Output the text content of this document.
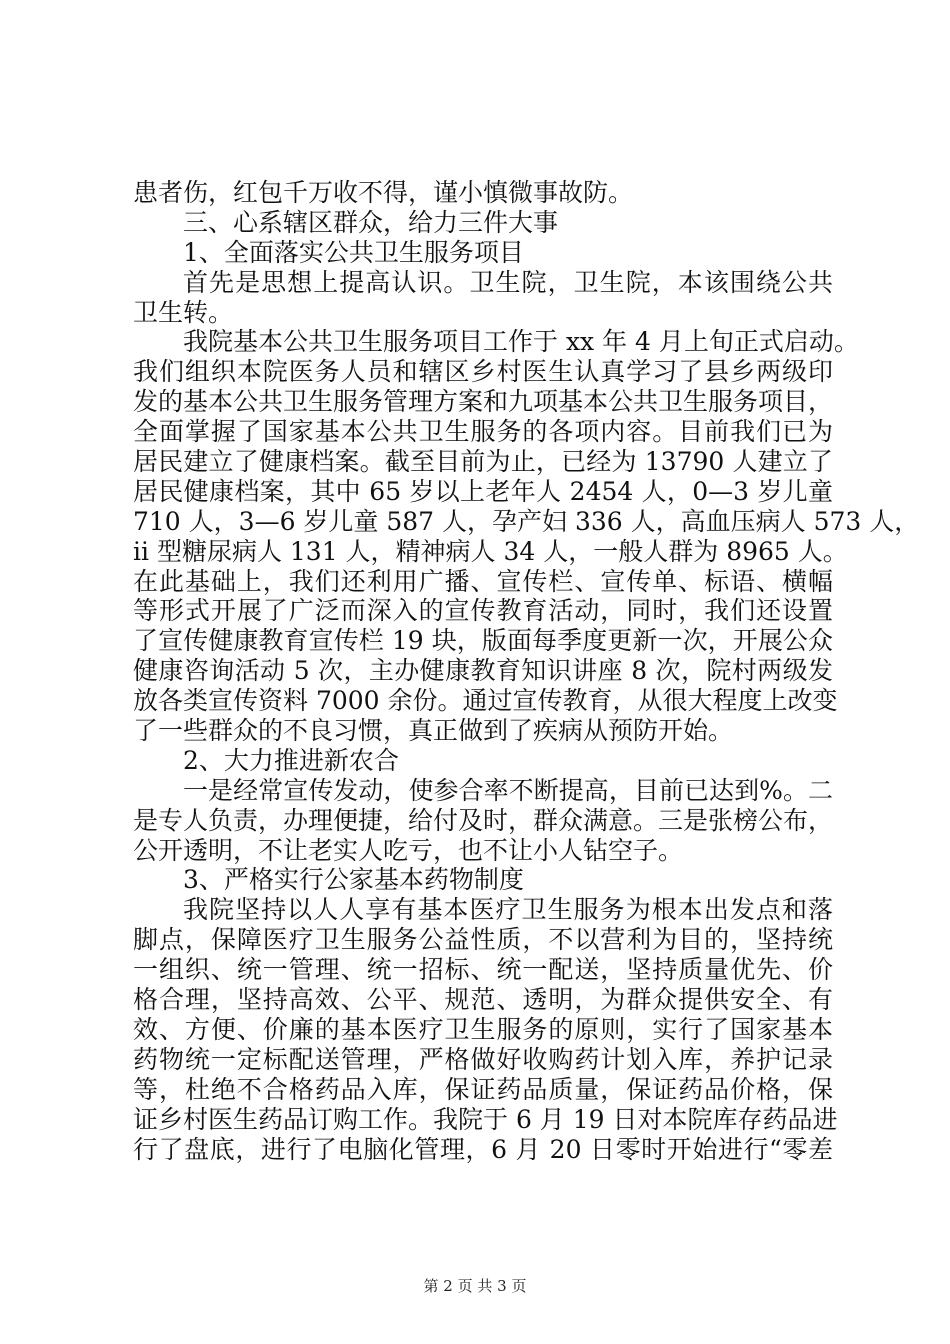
患者伤，红包千万收不得，谨小慎微事故防。
三、心系辖区群众，给力三件大事
1、全面落实公共卫生服务项目
首先是思想上提高认识。卫生院，卫生院，本该围绕公共
卫生转。
我院基本公共卫生服务项目工作于 xx 年 4 月上旬正式启动。
我们组织本院医务人员和辖区乡村医生认真学习了县乡两级印
发的基本公共卫生服务管理方案和九项基本公共卫生服务项目，
全面掌握了国家基本公共卫生服务的各项内容。目前我们已为
居民建立了健康档案。截至目前为止，已经为 13790 人建立了
居民健康档案，其中 65 岁以上老年人 2454 人，0—3 岁儿童
710 人，3—6 岁儿童 587 人，孕产妇 336 人，高血压病人 573 人，
ii 型糖尿病人 131 人，精神病人 34 人，一般人群为 8965 人。
在此基础上，我们还利用广播、宣传栏、宣传单、标语、横幅
等形式开展了广泛而深入的宣传教育活动，同时，我们还设置
了宣传健康教育宣传栏 19 块，版面每季度更新一次，开展公众
健康咨询活动 5 次，主办健康教育知识讲座 8 次，院村两级发
放各类宣传资料 7000 余份。通过宣传教育，从很大程度上改变
了一些群众的不良习惯，真正做到了疾病从预防开始。
2、大力推进新农合
一是经常宣传发动，使参合率不断提高，目前已达到%。二
是专人负责，办理便捷，给付及时，群众满意。三是张榜公布，
公开透明，不让老实人吃亏，也不让小人钻空子。
3、严格实行公家基本药物制度
我院坚持以人人享有基本医疗卫生服务为根本出发点和落
脚点，保障医疗卫生服务公益性质，不以营利为目的，坚持统
一组织、统一管理、统一招标、统一配送，坚持质量优先、价
格合理，坚持高效、公平、规范、透明，为群众提供安全、有
效、方便、价廉的基本医疗卫生服务的原则，实行了国家基本
药物统一定标配送管理，严格做好收购药计划入库，养护记录
等，杜绝不合格药品入库，保证药品质量，保证药品价格，保
证乡村医生药品订购工作。我院于 6 月 19 日对本院库存药品进
行了盘底，进行了电脑化管理，6 月 20 日零时开始进行“零差
第 2 页 共 3 页
